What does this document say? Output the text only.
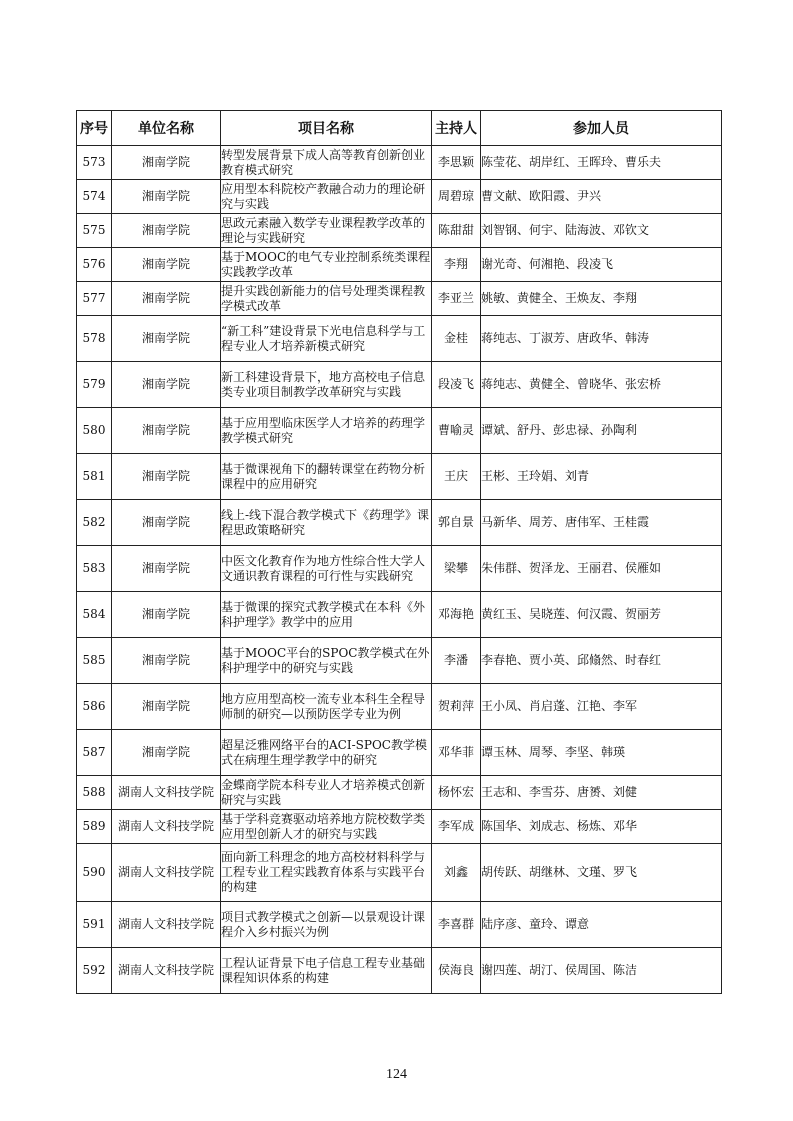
序号	单位名称	项目名称	主持人	参加人员
573	湘南学院	转型发展背景下成人高等教育创新创业教育模式研究	李思颖	陈莹花、胡岸红、王晖玲、曹乐夫
574	湘南学院	应用型本科院校产教融合动力的理论研究与实践	周碧琼	曹文献、欧阳霞、尹兴
575	湘南学院	思政元素融入数学专业课程教学改革的理论与实践研究	陈甜甜	刘智钢、何宇、陆海波、邓钦文
576	湘南学院	基于MOOC的电气专业控制系统类课程实践教学改革	李翔	谢光奇、何湘艳、段凌飞
577	湘南学院	提升实践创新能力的信号处理类课程教学模式改革	李亚兰	姚敏、黄健全、王焕友、李翔
578	湘南学院	“新工科”建设背景下光电信息科学与工程专业人才培养新模式研究	金桂	蒋纯志、丁淑芳、唐政华、韩涛
579	湘南学院	新工科建设背景下，地方高校电子信息类专业项目制教学改革研究与实践	段凌飞	蒋纯志、黄健全、曾晓华、张宏桥
580	湘南学院	基于应用型临床医学人才培养的药理学教学模式研究	曹喻灵	谭斌、舒丹、彭忠禄、孙陶利
581	湘南学院	基于微课视角下的翻转课堂在药物分析课程中的应用研究	王庆	王彬、王玲娟、刘青
582	湘南学院	线上-线下混合教学模式下《药理学》课程思政策略研究	郭自景	马新华、周芳、唐伟军、王桂霞
583	湘南学院	中医文化教育作为地方性综合性大学人文通识教育课程的可行性与实践研究	梁攀	朱伟群、贺泽龙、王丽君、侯雁如
584	湘南学院	基于微课的探究式教学模式在本科《外科护理学》教学中的应用	邓海艳	黄红玉、吴晓莲、何汉霞、贺丽芳
585	湘南学院	基于MOOC平台的SPOC教学模式在外科护理学中的研究与实践	李潘	李春艳、贾小英、邱翛然、时春红
586	湘南学院	地方应用型高校一流专业本科生全程导师制的研究—以预防医学专业为例	贺莉萍	王小凤、肖启蓬、江艳、李军
587	湘南学院	超星泛雅网络平台的ACI-SPOC教学模式在病理生理学教学中的研究	邓华菲	谭玉林、周琴、李坚、韩瑛
588	湖南人文科技学院	金蝶商学院本科专业人才培养模式创新研究与实践	杨怀宏	王志和、李雪芬、唐赟、刘健
589	湖南人文科技学院	基于学科竞赛驱动培养地方院校数学类应用型创新人才的研究与实践	李军成	陈国华、刘成志、杨炼、邓华
590	湖南人文科技学院	面向新工科理念的地方高校材料科学与工程专业工程实践教育体系与实践平台的构建	刘鑫	胡传跃、胡继林、文瑾、罗飞
591	湖南人文科技学院	项目式教学模式之创新—以景观设计课程介入乡村振兴为例	李喜群	陆序彦、童玲、谭意
592	湖南人文科技学院	工程认证背景下电子信息工程专业基础课程知识体系的构建	侯海良	谢四莲、胡汀、侯周国、陈洁
124
